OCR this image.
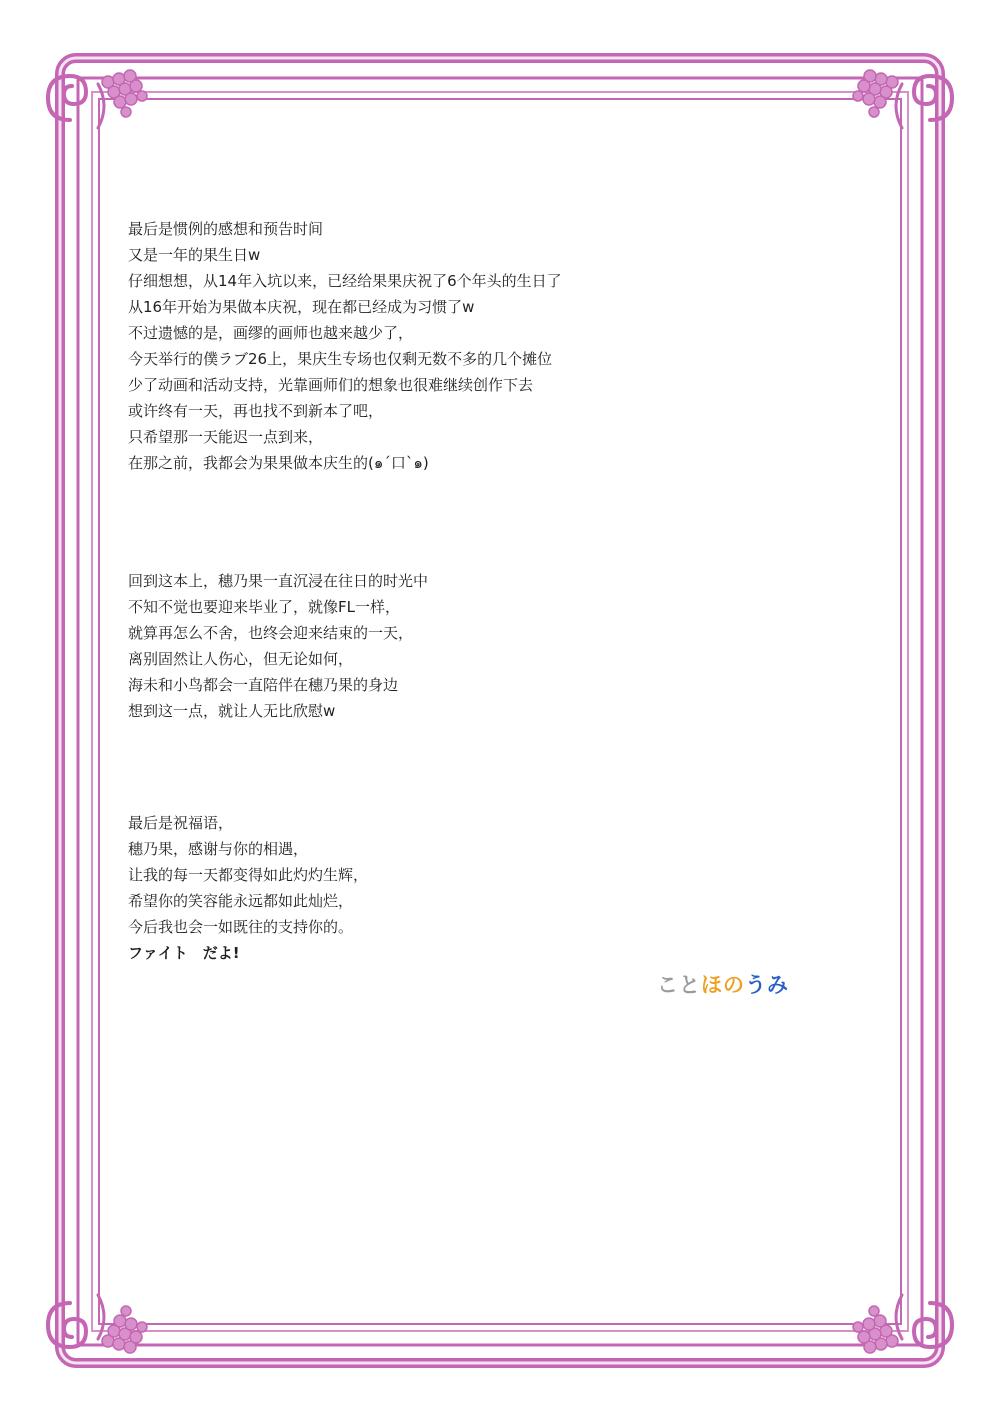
最后是惯例的感想和预告时间
又是一年的果生日w
仔细想想，从14年入坑以来，已经给果果庆祝了6个年头的生日了
从16年开始为果做本庆祝，现在都已经成为习惯了w
不过遗憾的是，画缪的画师也越来越少了，
今天举行的僕ラブ26上，果庆生专场也仅剩无数不多的几个摊位
少了动画和活动支持，光靠画师们的想象也很难继续创作下去
或许终有一天，再也找不到新本了吧，
只希望那一天能迟一点到来，
在那之前，我都会为果果做本庆生的(๑´口`๑)
回到这本上，穗乃果一直沉浸在往日的时光中
不知不觉也要迎来毕业了，就像FL一样，
就算再怎么不舍，也终会迎来结束的一天，
离别固然让人伤心，但无论如何，
海未和小鸟都会一直陪伴在穗乃果的身边
想到这一点，就让人无比欣慰w
最后是祝福语，
穗乃果，感谢与你的相遇，
让我的每一天都变得如此灼灼生辉，
希望你的笑容能永远都如此灿烂，
今后我也会一如既往的支持你的。
ファイト　だよ!
ことほのうみ
